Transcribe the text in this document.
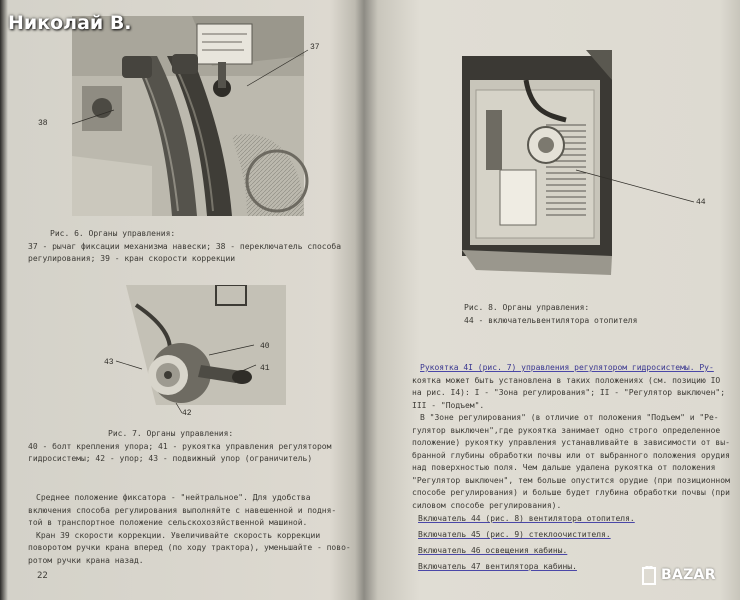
Николай В.
37
38
Рис. 6. Органы управления:
37 - рычаг фиксации механизма навески; 38 - переключатель способа
регулирования; 39 - кран скорости коррекции
40
41
43
42
Рис. 7. Органы управления:
40 - болт крепления упора; 41 - рукоятка управления регулятором
гидросистемы; 42 - упор; 43 - подвижный упор (ограничитель)
Среднее положение фиксатора - "нейтральное". Для удобства
включения способа регулирования выполняйте с навешенной и подня-
той в транспортное положение сельскохозяйственной машиной.
Кран 39 скорости коррекции. Увеличивайте скорость коррекции
поворотом ручки крана вперед (по ходу трактора), уменьшайте - пово-
ротом ручки крана назад.
22
44
Рис. 8. Органы управления:
44 - включательвентилятора отопителя
Рукоятка 4I (рис. 7) управления регулятором гидросистемы. Ру-
коятка может быть установлена в таких положениях (см. позицию IO
на рис. I4): I - "Зона регулирования"; II - "Регулятор выключен";
III - "Подъем".
В "Зоне регулирования" (в отличие от положения "Подъем" и "Ре-
гулятор выключен",где рукоятка занимает одно строго определенное
положение) рукоятку управления устанавливайте в зависимости от вы-
бранной глубины обработки почвы или от выбранного положения орудия
над поверхностью поля. Чем дальше удалена рукоятка от положения
"Регулятор выключен", тем больше опустится орудие (при позиционном
способе регулирования) и больше будет глубина обработки почвы (при
силовом способе регулирования).
Включатель 44 (рис. 8) вентилятора отопителя.
Включатель 45 (рис. 9) стеклоочистителя.
Включатель 46 освещения кабины.
Включатель 47 вентилятора кабины.
BAZAR
